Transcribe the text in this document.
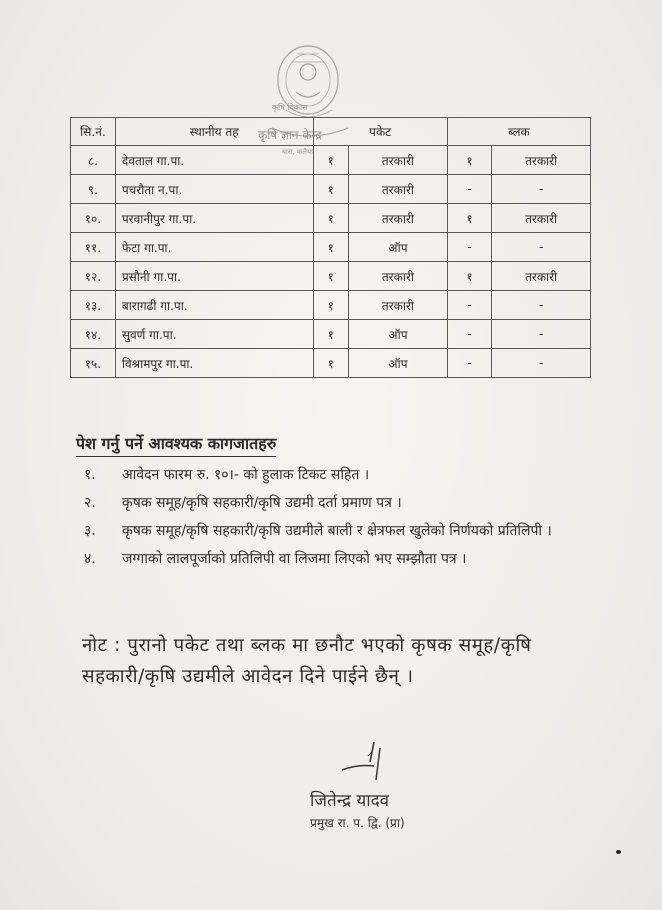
कृषि विकास
कृषि ज्ञान केन्द्र
बारा, कलैया
सि.नं.	स्थानीय तह	पकेट		ब्लक	
८.	देवताल गा.पा.	१	तरकारी	१	तरकारी
९.	पचरौता न.पा.	१	तरकारी	-	-
१०.	परवानीपुर गा.पा.	१	तरकारी	१	तरकारी
११.	फेटा गा.पा.	१	ऑप	-	-
१२.	प्रसौनी गा.पा.	१	तरकारी	१	तरकारी
१३.	बारागढी गा.पा.	१	तरकारी	-	-
१४.	सुवर्ण गा.पा.	१	ऑप	-	-
१५.	विश्रामपुर गा.पा.	१	ऑप	-	-
पेश गर्नु पर्ने आवश्यक कागजातहरु
१. आवेदन फारम रु. १०।- को हुलाक टिकट सहित ।
२. कृषक समूह/कृषि सहकारी/कृषि उद्यमी दर्ता प्रमाण पत्र ।
३. कृषक समूह/कृषि सहकारी/कृषि उद्यमीले बाली र क्षेत्रफल खुलेको निर्णयको प्रतिलिपी ।
४. जग्गाको लालपूर्जाको प्रतिलिपी वा लिजमा लिएको भए सम्झौता पत्र ।
नोट : पुरानो पकेट तथा ब्लक मा छनौट भएको कृषक समूह/कृषि सहकारी/कृषि उद्यमीले आवेदन दिने पाईने छैन् ।
जितेन्द्र यादव
प्रमुख रा. प. द्वि. (प्रा)
